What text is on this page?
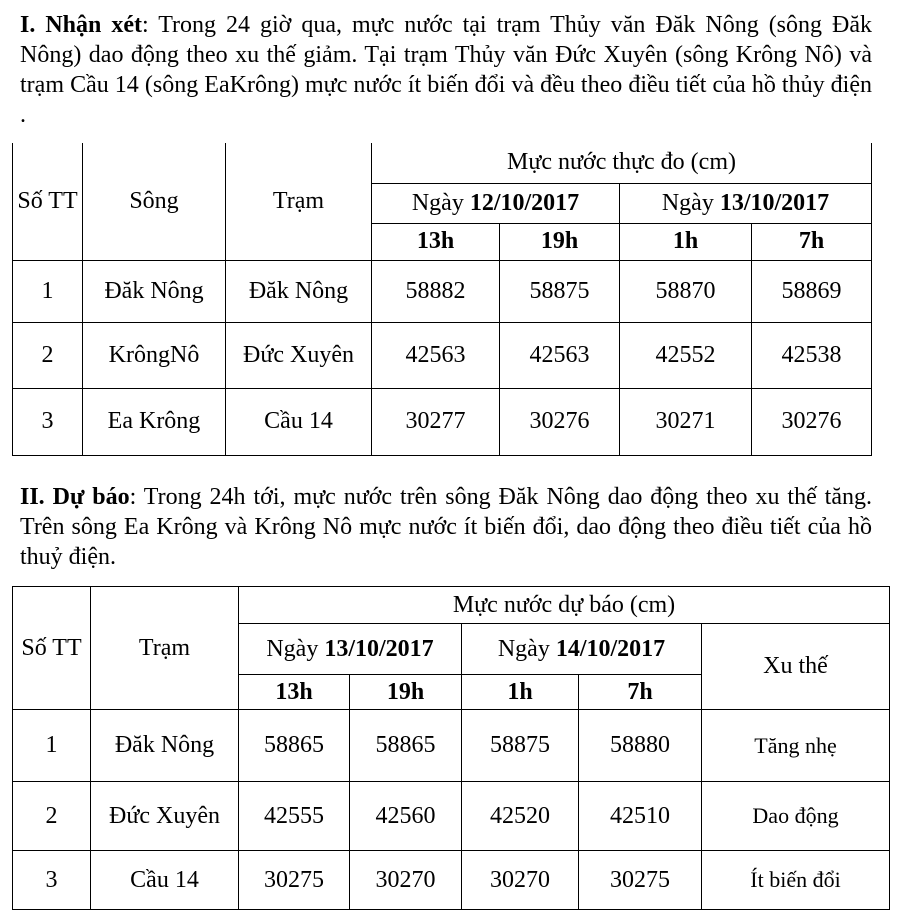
I. Nhận xét: Trong 24 giờ qua, mực nước tại trạm Thủy văn Đăk Nông (sông Đăk Nông) dao động theo xu thế giảm. Tại trạm Thủy văn Đức Xuyên (sông Krông Nô) và trạm Cầu 14 (sông EaKrông) mực nước ít biến đổi và đều theo điều tiết của hồ thủy điện .
Số TT	Sông	Trạm	Mực nước thực đo (cm)			
			Ngày 12/10/2017		Ngày 13/10/2017	
			13h	19h	1h	7h
1	Đăk Nông	Đăk Nông	58882	58875	58870	58869
2	KrôngNô	Đức Xuyên	42563	42563	42552	42538
3	Ea Krông	Cầu 14	30277	30276	30271	30276
II. Dự báo: Trong 24h tới, mực nước trên sông Đăk Nông dao động theo xu thế tăng. Trên sông Ea Krông và Krông Nô mực nước ít biến đổi, dao động theo điều tiết của hồ thuỷ điện.
Số TT	Trạm	Mực nước dự báo (cm)				
		Ngày 13/10/2017		Ngày 14/10/2017		Xu thế
		13h	19h	1h	7h	
1	Đăk Nông	58865	58865	58875	58880	Tăng nhẹ
2	Đức Xuyên	42555	42560	42520	42510	Dao động
3	Cầu 14	30275	30270	30270	30275	Ít biến đổi
